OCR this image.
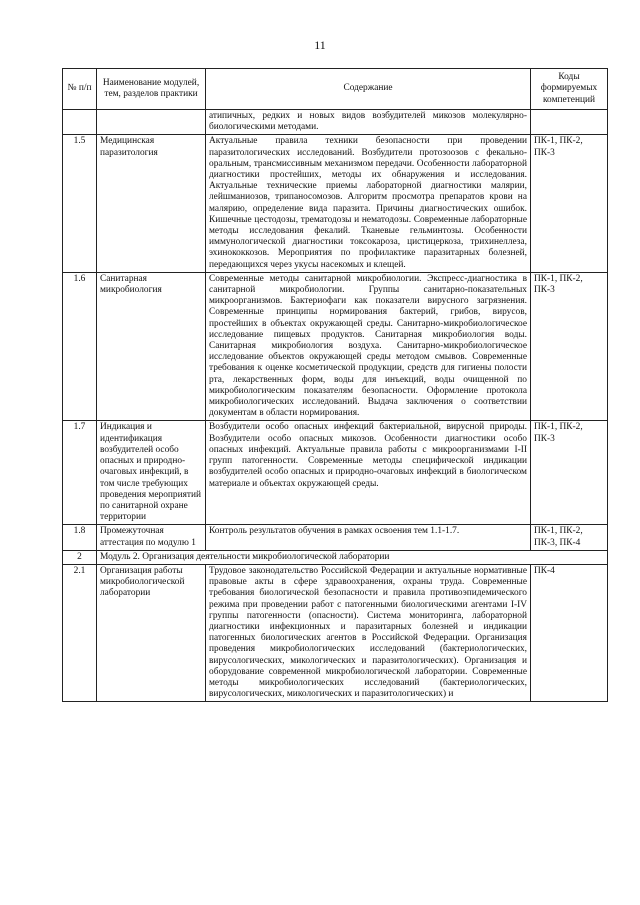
11
№ п/п	Наименование модулей, тем, разделов практики	Содержание	Коды формируемых компетенций
		атипичных, редких и новых видов возбудителей микозов молекулярно-биологическими методами.	
1.5	Медицинская паразитология	Актуальные правила техники безопасности при проведении паразитологических исследований. Возбудители протозоозов с фекально-оральным, трансмиссивным механизмом передачи. Особенности лабораторной диагностики простейших, методы их обнаружения и исследования. Актуальные технические приемы лабораторной диагностики малярии, лейшманиозов, трипаносомозов. Алгоритм просмотра препаратов крови на малярию, определение вида паразита. Причины диагностических ошибок. Кишечные цестодозы, трематодозы и нематодозы. Современные лабораторные методы исследования фекалий. Тканевые гельминтозы. Особенности иммунологической диагностики токсокароза, цистицеркоза, трихинеллеза, эхинококкозов. Мероприятия по профилактике паразитарных болезней, передающихся через укусы насекомых и клещей.	ПК-1, ПК-2, ПК-3
1.6	Санитарная микробиология	Современные методы санитарной микробиологии. Экспресс-диагностика в санитарной микробиологии. Группы санитарно-показательных микроорганизмов. Бактериофаги как показатели вирусного загрязнения. Современные принципы нормирования бактерий, грибов, вирусов, простейших в объектах окружающей среды. Санитарно-микробиологическое исследование пищевых продуктов. Санитарная микробиология воды. Санитарная микробиология воздуха. Санитарно-микробиологическое исследование объектов окружающей среды методом смывов. Современные требования к оценке косметической продукции, средств для гигиены полости рта, лекарственных форм, воды для инъекций, воды очищенной по микробиологическим показателям безопасности. Оформление протокола микробиологических исследований. Выдача заключения о соответствии документам в области нормирования.	ПК-1, ПК-2, ПК-3
1.7	Индикация и идентификация возбудителей особо опасных и природно-очаговых инфекций, в том числе требующих проведения мероприятий по санитарной охране территории	Возбудители особо опасных инфекций бактериальной, вирусной природы. Возбудители особо опасных микозов. Особенности диагностики особо опасных инфекций. Актуальные правила работы с микроорганизмами I-II групп патогенности. Современные методы специфической индикации возбудителей особо опасных и природно-очаговых инфекций в биологическом материале и объектах окружающей среды.	ПК-1, ПК-2, ПК-3
1.8	Промежуточная аттестация по модулю 1	Контроль результатов обучения в рамках освоения тем 1.1-1.7.	ПК-1, ПК-2, ПК-3, ПК-4
2	Модуль 2. Организация деятельности микробиологической лаборатории		
2.1	Организация работы микробиологической лаборатории	Трудовое законодательство Российской Федерации и актуальные нормативные правовые акты в сфере здравоохранения, охраны труда. Современные требования биологической безопасности и правила противоэпидемического режима при проведении работ с патогенными биологическими агентами I-IV группы патогенности (опасности). Система мониторинга, лабораторной диагностики инфекционных и паразитарных болезней и индикации патогенных биологических агентов в Российской Федерации. Организация проведения микробиологических исследований (бактериологических, вирусологических, микологических и паразитологических). Организация и оборудование современной микробиологической лаборатории. Современные методы микробиологических исследований (бактериологических, вирусологических, микологических и паразитологических) и	ПК-4
